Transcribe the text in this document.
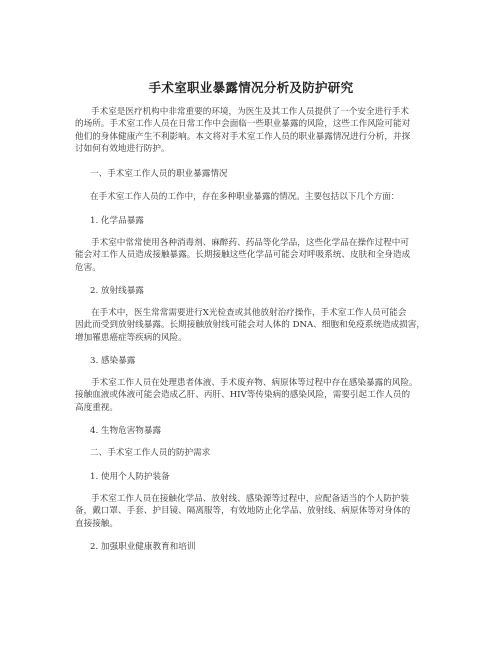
手术室职业暴露情况分析及防护研究
手术室是医疗机构中非常重要的环境，为医生及其工作人员提供了一个安全进行手术
的场所。手术室工作人员在日常工作中会面临一些职业暴露的风险，这些工作风险可能对
他们的身体健康产生不利影响。本文将对手术室工作人员的职业暴露情况进行分析，并探
讨如何有效地进行防护。
一、手术室工作人员的职业暴露情况
在手术室工作人员的工作中，存在多种职业暴露的情况。主要包括以下几个方面：
1. 化学品暴露
手术室中常常使用各种消毒剂、麻醉药、药品等化学品，这些化学品在操作过程中可
能会对工作人员造成接触暴露。长期接触这些化学品可能会对呼吸系统、皮肤和全身造成
危害。
2. 放射线暴露
在手术中，医生常常需要进行X光检查或其他放射治疗操作，手术室工作人员可能会
因此而受到放射线暴露。长期接触放射线可能会对人体的 DNA、细胞和免疫系统造成损害，
增加罹患癌症等疾病的风险。
3. 感染暴露
手术室工作人员在处理患者体液、手术废弃物、病原体等过程中存在感染暴露的风险。
接触血液或体液可能会造成乙肝、丙肝、HIV等传染病的感染风险，需要引起工作人员的
高度重视。
4. 生物危害物暴露
二、手术室工作人员的防护需求
1. 使用个人防护装备
手术室工作人员在接触化学品、放射线、感染源等过程中，应配备适当的个人防护装
备，戴口罩、手套、护目镜、隔离服等，有效地防止化学品、放射线、病原体等对身体的
直接接触。
2. 加强职业健康教育和培训
